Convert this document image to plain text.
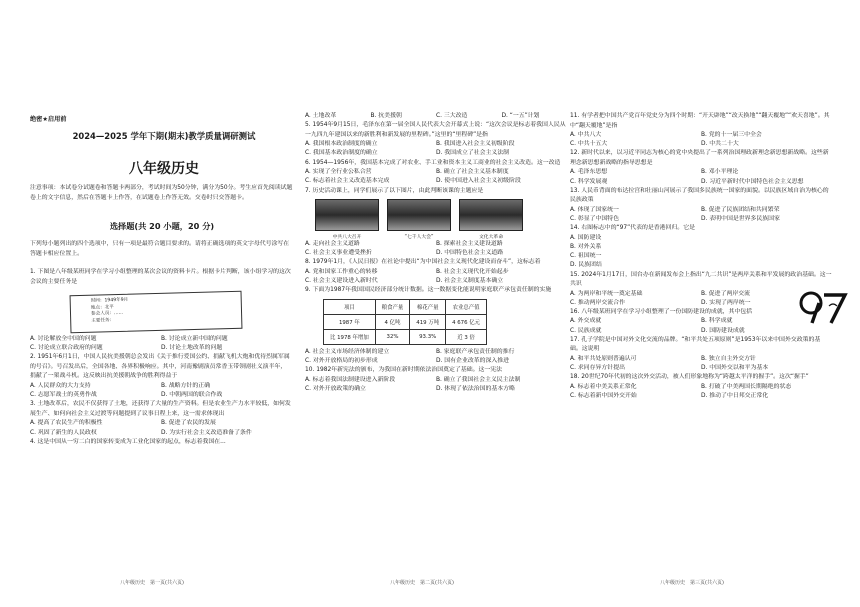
绝密★启用前
2024—2025 学年下期(期末)教学质量调研测试
八年级历史
注意事项：本试卷分试题卷和答题卡两部分，考试时间为50分钟，满分为50分。考生应首先阅读试题卷上的文字信息，然后在答题卡上作答，在试题卷上作答无效。交卷时只交答题卡。
选择题(共 20 小题，20 分)
下列每小题列出的四个选项中，只有一项是最符合题目要求的。请将正确选项的英文字母代号涂写在答题卡相应位置上。

1. 下图是八年级某班同学在学习小组整理的某次会议的资料卡片。根据卡片判断，该小组学习的这次会议的主要任务是

时间：1949年9月
地点：北平
参会人员：……
主要任务：
A. 讨论解放全中国的问题	B. 讨论成立新中国的问题
C. 讨论成立联合政府的问题	D. 讨论土地改革的问题

2. 1951年6月1日，中国人民抗美援朝总会发出《关于推行爱国公约、捐献飞机大炮和优待烈属军属的号召》。号召发出后，全国各地、各界积极响应。其中，河南豫剧演员常香玉带领剧社义演半年，捐献了一架战斗机。这反映出抗美援朝战争的胜利得益于

A. 人民群众的大力支持	B. 战略方针的正确
C. 志愿军战士的英勇作战	D. 中朝两国的联合作战

3. 土地改革后，农民不仅获得了土地，还获得了大量的生产资料。但是农业生产力水平较低，如何发展生产、如何向社会主义过渡等问题提到了议事日程上来，这一需求体现出

A. 提高了农民生产的积极性	B. 促进了农民的发展
C. 巩固了新生的人民政权	D. 为实行社会主义改造准备了条件

4. 这是中国从一穷二白的国家转变成为工业化国家的起点，标志着我国在...

A. 土地改革	B. 抗美援朝	C. 三大改造	D. “一五”计划

5. 1954年9月15日，毛泽东在第一届全国人民代表大会开幕式上说：“这次会议是标志着我国人民从一九四九年建国以来的新胜利和新发展的里程碑。”这里的“里程碑”是指

A. 我国根本政治制度的确立	B. 我国进入社会主义初级阶段
C. 我国基本政治制度的确立	D. 我国成立了社会主义法制

6. 1954—1956年，我国基本完成了对农业、手工业和资本主义工商业的社会主义改造。这一改造

A. 实现了全行业公私合营	B. 确立了社会主义基本制度
C. 标志着社会主义改造基本完成	D. 使中国进入社会主义初级阶段

7. 历史活动课上，同学们展示了以下图片，由此判断该课的主题应是

中共八大召开	“七千人大会”	文化大革命
A. 走向社会主义道路	B. 探索社会主义建设道路
C. 社会主义事业遭受挫折	D. 中国特色社会主义道路

8. 1979年1月，《人民日报》在社论中提出“为中国社会主义现代化建设而奋斗”，这标志着

A. 党和国家工作重心的转移	B. 社会主义现代化开始起步
C. 社会主义建设进入新时代	D. 社会主义制度基本确立

9. 下面为1987年我国国民经济部分统计数据。这一数据变化能说明家庭联产承包责任制的实施

项目	粮食产量	棉花产量	农业总产值
1987 年	4 亿吨	419 万吨	4 676 亿元
比 1978 年增加	32%	93.3%	近 3 倍
A. 社会主义市场经济体制的建立	B. 家庭联产承包责任制的推行
C. 对外开放格局的初步形成	D. 国有企业改革的深入推进

10. 1982年新宪法的颁布，为我国在新时期依法治国奠定了基础。这一宪法

A. 标志着我国法制建设进入新阶段	B. 确立了我国社会主义民主法制
C. 对外开放政策的确立	D. 体现了依法治国的基本方略

11. 有学者把中国共产党百年党史分为四个时期：“开天辟地”“改天换地”“翻天覆地”“欢天喜地”。其中“翻天覆地”是指

A. 中共八大	B. 党的十一届三中全会
C. 中共十五大	D. 中共二十大

12. 新时代以来，以习近平同志为核心的党中央提出了一系列治国理政新理念新思想新战略。这些新理念新思想新战略的指导思想是

A. 毛泽东思想	B. 邓小平理论
C. 科学发展观	D. 习近平新时代中国特色社会主义思想

13. 人民币背面的布达拉宫和壮丽山河展示了我国多民族统一国家的面貌。以民族区域自治为核心的民族政策

A. 体现了国家统一	B. 促进了民族团结和共同繁荣
C. 彰显了中国特色	D. 表明中国是世界多民族国家

14. 右图标志中的“97”代表的是香港回归。它是

A. 国防建设
B. 对外关系
C. 祖国统一
D. 民族团结

15. 2024年1月17日，国台办在新闻发布会上指出“九二共识”是两岸关系和平发展的政治基础。这一共识

A. 为两岸和平统一奠定基础	B. 促进了两岸交流
C. 推动两岸交流合作	D. 实现了两岸统一

16. 八年级某班同学在学习小组整理了一份国防建设的成就，其中包括

A. 外交成就	B. 科学成就
C. 民族成就	D. 国防建设成就

17. 孔子学院是中国对外文化交流的品牌。“和平共处五项原则”是1953年以来中国外交政策的基础。这说明

A. 和平共处原则普遍认可	B. 独立自主外交方针
C. 求同存异方针提出	D. 中国外交以和平为基本

18. 20世纪70年代初的这次外交活动，被人们形象地称为“跨越太平洋的握手”。这次“握手”

A. 标志着中美关系正常化	B. 打破了中美两国长期隔绝的状态
C. 标志着新中国外交开始	D. 推动了中日邦交正常化
八年级历史　第一页(共六页)	八年级历史　第二页(共六页)	八年级历史　第三页(共六页)
